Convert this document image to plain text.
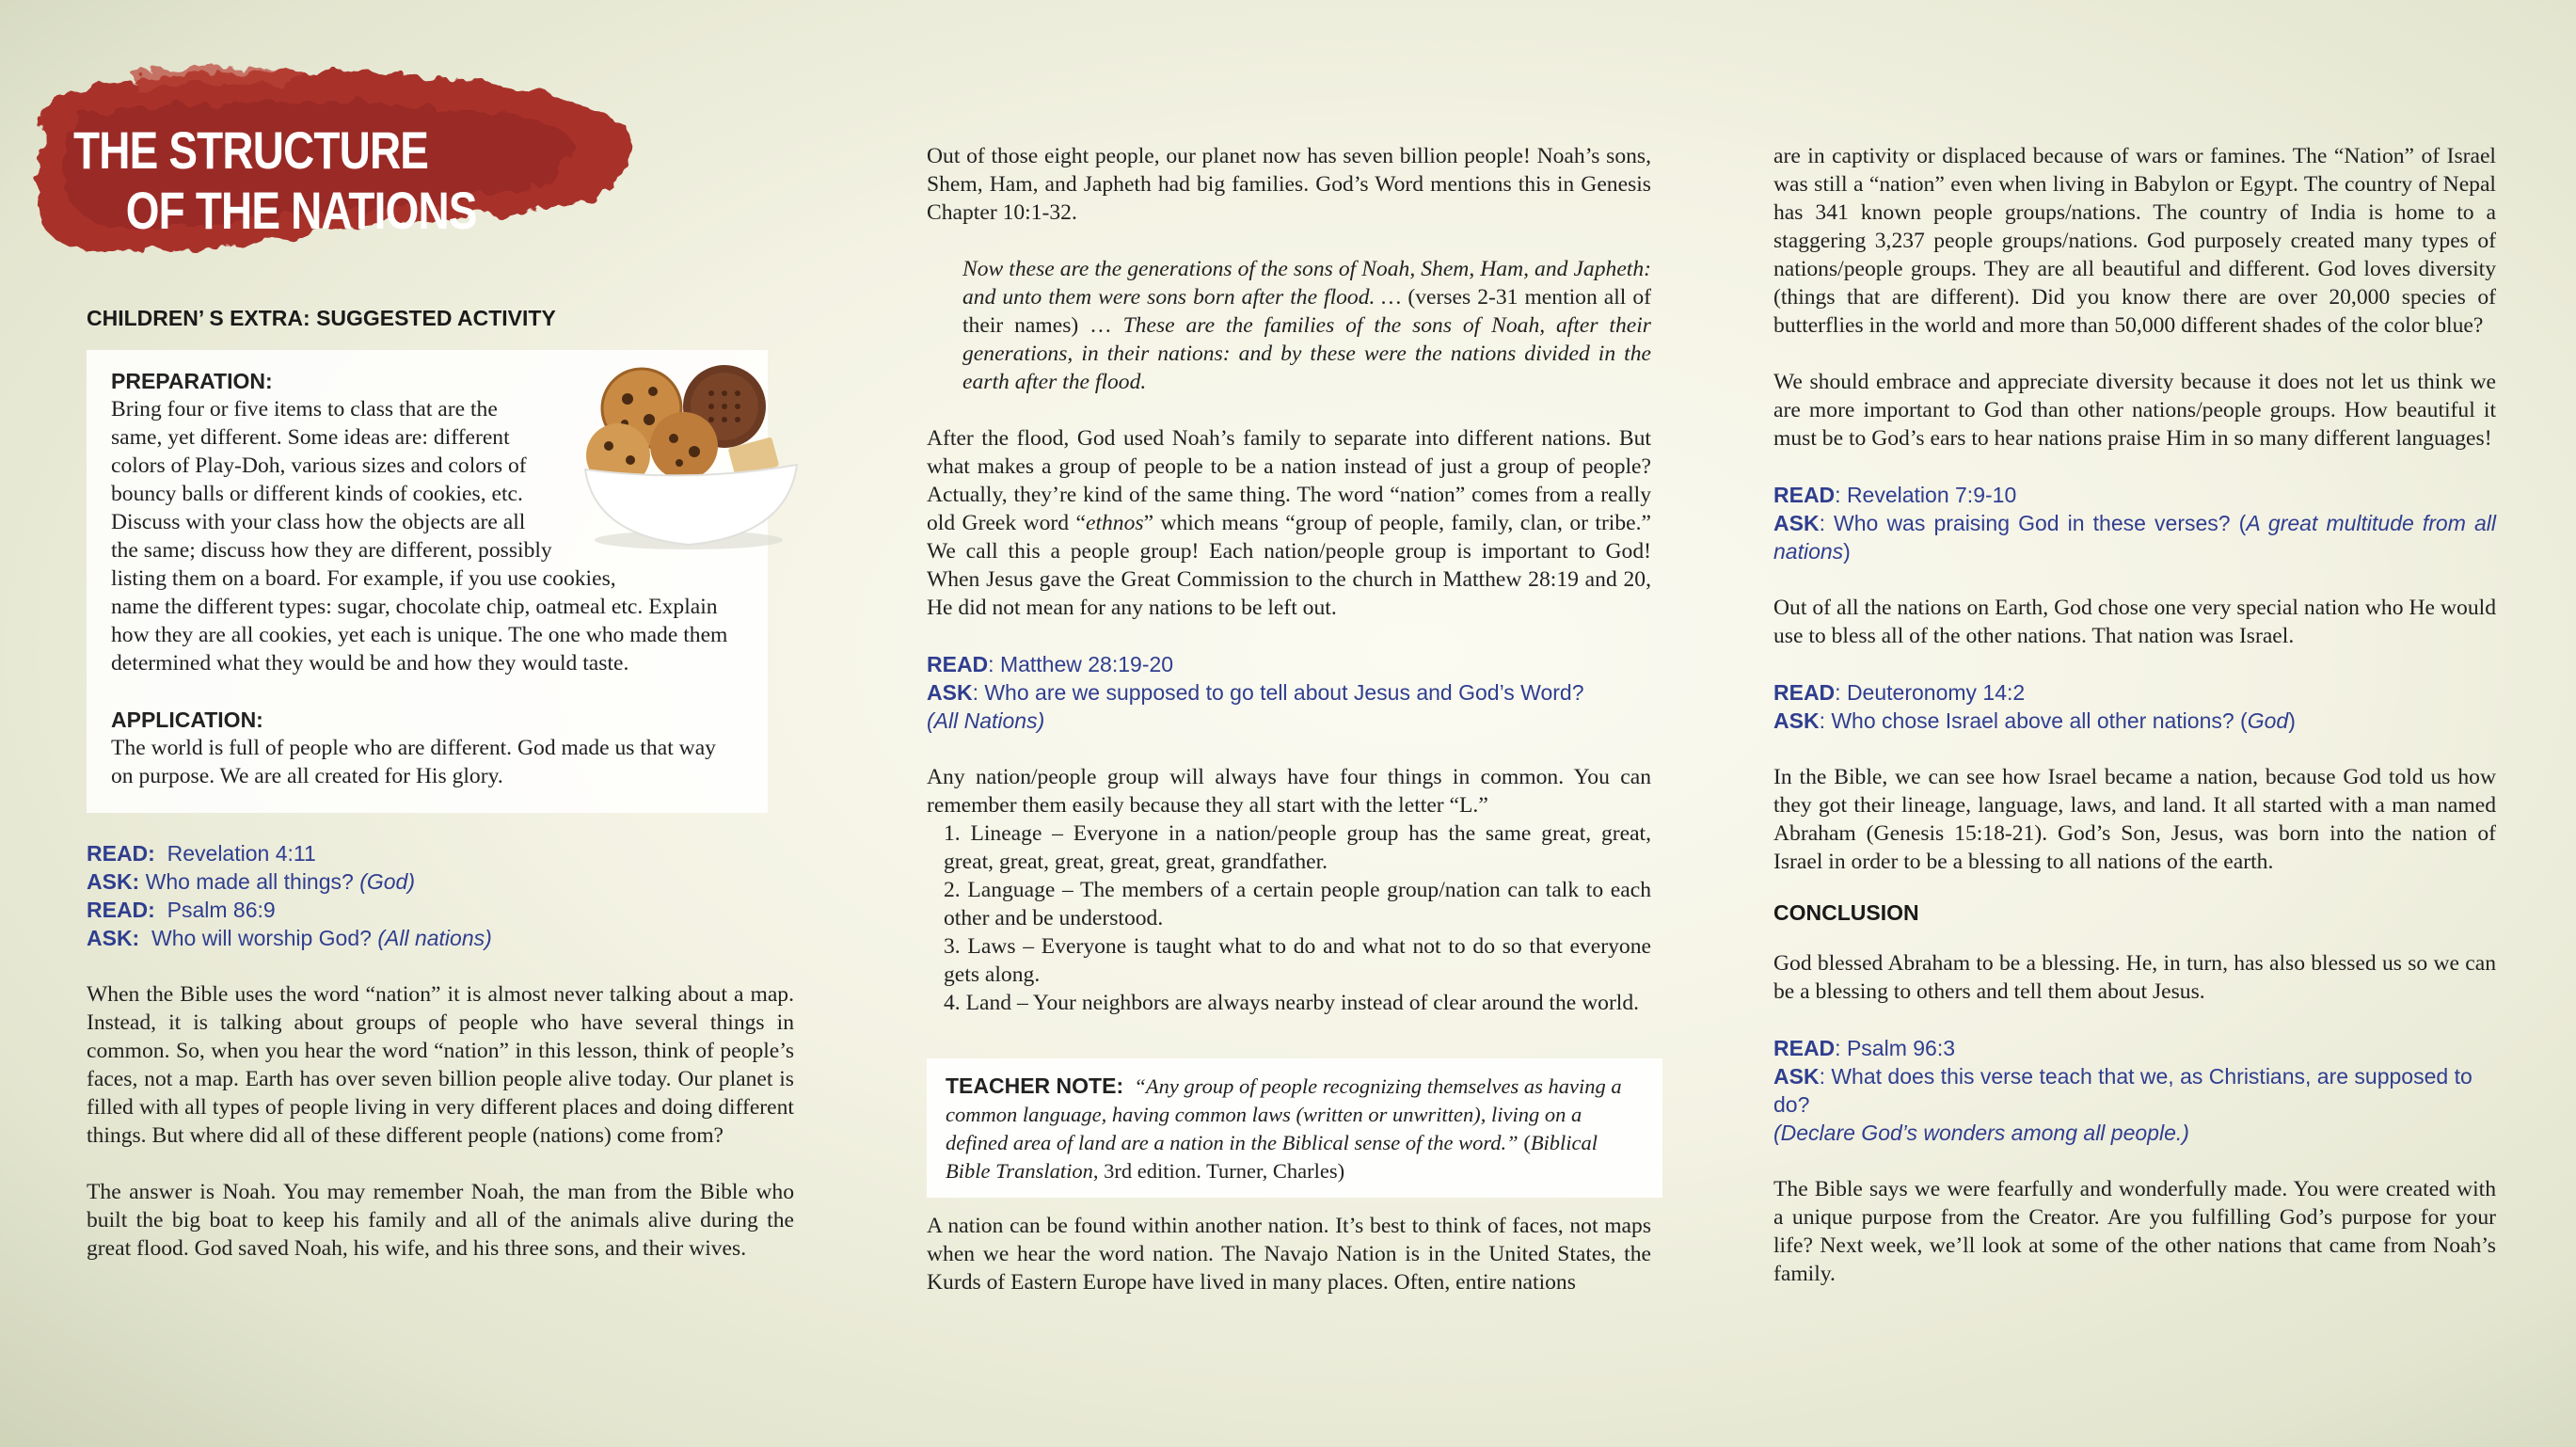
THE STRUCTURE
OF THE NATIONS
CHILDREN’ S EXTRA: SUGGESTED ACTIVITY
PREPARATION:
Bring four or five items to class that are the
same, yet different. Some ideas are: different
colors of Play-Doh, various sizes and colors of
bouncy balls or different kinds of cookies, etc.
Discuss with your class how the objects are all
the same; discuss how they are different, possibly
listing them on a board. For example, if you use cookies,
name the different types: sugar, chocolate chip, oatmeal etc. Explain
how they are all cookies, yet each is unique. The one who made them
determined what they would be and how they would taste.
APPLICATION:
The world is full of people who are different. God made us that way
on purpose. We are all created for His glory.
READ: Revelation 4:11
ASK: Who made all things? (God)
READ: Psalm 86:9
ASK: Who will worship God? (All nations)

When the Bible uses the word “nation” it is almost never talking about a map. Instead, it is talking about groups of people who have several things in common. So, when you hear the word “nation” in this lesson, think of people’s faces, not a map. Earth has over seven billion people alive today. Our planet is filled with all types of people living in very different places and doing different things. But where did all of these different people (nations) come from?

The answer is Noah. You may remember Noah, the man from the Bible who built the big boat to keep his family and all of the animals alive during the great flood. God saved Noah, his wife, and his three sons, and their wives.

Out of those eight people, our planet now has seven billion people! Noah’s sons, Shem, Ham, and Japheth had big families. God’s Word mentions this in Genesis Chapter 10:1-32.

Now these are the generations of the sons of Noah, Shem, Ham, and Japheth: and unto them were sons born after the flood. … (verses 2-31 mention all of their names) … These are the families of the sons of Noah, after their generations, in their nations: and by these were the nations divided in the earth after the flood.

After the flood, God used Noah’s family to separate into different nations. But what makes a group of people to be a nation instead of just a group of people? Actually, they’re kind of the same thing. The word “nation” comes from a really old Greek word “ethnos” which means “group of people, family, clan, or tribe.” We call this a people group! Each nation/people group is important to God! When Jesus gave the Great Commission to the church in Matthew 28:19 and 20, He did not mean for any nations to be left out.

READ: Matthew 28:19-20
ASK: Who are we supposed to go tell about Jesus and God’s Word?
(All Nations)

Any nation/people group will always have four things in common. You can remember them easily because they all start with the letter “L.”

1. Lineage – Everyone in a nation/people group has the same great, great, great, great, great, great, great, grandfather.
2. Language – The members of a certain people group/nation can talk to each other and be understood.
3. Laws – Everyone is taught what to do and what not to do so that everyone gets along.
4. Land – Your neighbors are always nearby instead of clear around the world.
TEACHER NOTE: “Any group of people recognizing themselves as having a common language, having common laws (written or unwritten), living on a defined area of land are a nation in the Biblical sense of the word.” (Biblical Bible Translation, 3rd edition. Turner, Charles)

A nation can be found within another nation. It’s best to think of faces, not maps when we hear the word nation. The Navajo Nation is in the United States, the Kurds of Eastern Europe have lived in many places. Often, entire nations

are in captivity or displaced because of wars or famines. The “Nation” of Israel was still a “nation” even when living in Babylon or Egypt. The country of Nepal has 341 known people groups/nations. The country of India is home to a staggering 3,237 people groups/nations. God purposely created many types of nations/people groups. They are all beautiful and different. God loves diversity (things that are different). Did you know there are over 20,000 species of butterflies in the world and more than 50,000 different shades of the color blue?

We should embrace and appreciate diversity because it does not let us think we are more important to God than other nations/people groups. How beautiful it must be to God’s ears to hear nations praise Him in so many different languages!

READ: Revelation 7:9-10
ASK: Who was praising God in these verses? (A great multitude from all nations)

Out of all the nations on Earth, God chose one very special nation who He would use to bless all of the other nations. That nation was Israel.

READ: Deuteronomy 14:2
ASK: Who chose Israel above all other nations? (God)

In the Bible, we can see how Israel became a nation, because God told us how they got their lineage, language, laws, and land. It all started with a man named Abraham (Genesis 15:18-21). God’s Son, Jesus, was born into the nation of Israel in order to be a blessing to all nations of the earth.

CONCLUSION

God blessed Abraham to be a blessing. He, in turn, has also blessed us so we can be a blessing to others and tell them about Jesus.

READ: Psalm 96:3
ASK: What does this verse teach that we, as Christians, are supposed to do?
(Declare God’s wonders among all people.)

The Bible says we were fearfully and wonderfully made. You were created with a unique purpose from the Creator. Are you fulfilling God’s purpose for your life? Next week, we’ll look at some of the other nations that came from Noah’s family.
